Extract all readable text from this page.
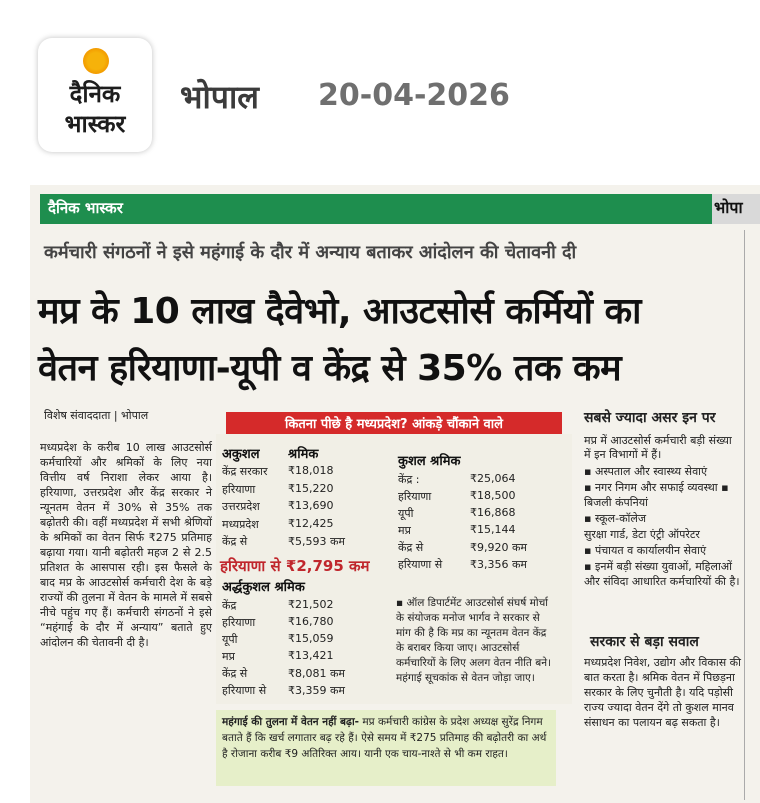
दैनिक
भास्कर
भोपाल 20-04-2026
दैनिक भास्कर	भोपा
कर्मचारी संगठनों ने इसे महंगाई के दौर में अन्याय बताकर आंदोलन की चेतावनी दी
मप्र के 10 लाख दैवेभो, आउटसोर्स कर्मियों का
वेतन हरियाणा-यूपी व केंद्र से 35% तक कम
विशेष संवाददाता | भोपाल
मध्यप्रदेश के करीब 10 लाख आउटसोर्स कर्मचारियों और श्रमिकों के लिए नया वित्तीय वर्ष निराशा लेकर आया है। हरियाणा, उत्तरप्रदेश और केंद्र सरकार ने न्यूनतम वेतन में 30% से 35% तक बढ़ोतरी की। वहीं मध्यप्रदेश में सभी श्रेणियों के श्रमिकों का वेतन सिर्फ ₹275 प्रतिमाह बढ़ाया गया। यानी बढ़ोतरी महज 2 से 2.5 प्रतिशत के आसपास रही। इस फैसले के बाद मप्र के आउटसोर्स कर्मचारी देश के बड़े राज्यों की तुलना में वेतन के मामले में सबसे नीचे पहुंच गए हैं। कर्मचारी संगठनों ने इसे “महंगाई के दौर में अन्याय” बताते हुए आंदोलन की चेतावनी दी है।
कितना पीछे है मध्यप्रदेश? आंकड़े चौंकाने वाले
अकुशल श्रमिक
केंद्र सरकार ₹18,018
हरियाणा	₹15,220
उत्तरप्रदेश	₹13,690
मध्यप्रदेश	₹12,425
केंद्र से	₹5,593 कम
हरियाणा से ₹2,795 कम
अर्द्धकुशल श्रमिक
केंद्र	₹21,502
हरियाणा	₹16,780
यूपी	₹15,059
मप्र	₹13,421
केंद्र से	₹8,081 कम
हरियाणा से ₹3,359 कम
कुशल श्रमिक
केंद्र :	₹25,064
हरियाणा	₹18,500
यूपी	₹16,868
मप्र	₹15,144
केंद्र से	₹9,920 कम
हरियाणा से	₹3,356 कम
▪ ऑल डिपार्टमेंट आउटसोर्स संघर्ष मोर्चा के संयोजक मनोज भार्गव ने सरकार से मांग की है कि मप्र का न्यूनतम वेतन केंद्र के बराबर किया जाए। आउटसोर्स कर्मचारियों के लिए अलग वेतन नीति बने। महंगाई सूचकांक से वेतन जोड़ा जाए।
महंगाई की तुलना में वेतन नहीं बढ़ा- मप्र कर्मचारी कांग्रेस के प्रदेश अध्यक्ष सुरेंद्र निगम बताते हैं कि खर्च लगातार बढ़ रहे हैं। ऐसे समय में ₹275 प्रतिमाह की बढ़ोतरी का अर्थ है रोजाना करीब ₹9 अतिरिक्त आय। यानी एक चाय-नाश्ते से भी कम राहत।
सबसे ज्यादा असर इन पर
मप्र में आउटसोर्स कर्मचारी बड़ी संख्या में इन विभागों में हैं।
▪ अस्पताल और स्वास्थ्य सेवाएं
▪ नगर निगम और सफाई व्यवस्था ▪ बिजली कंपनियां
▪ स्कूल-कॉलेज
सुरक्षा गार्ड, डेटा एंट्री ऑपरेटर
▪ पंचायत व कार्यालयीन सेवाएं
▪ इनमें बड़ी संख्या युवाओं, महिलाओं और संविदा आधारित कर्मचारियों की है।
सरकार से बड़ा सवाल
मध्यप्रदेश निवेश, उद्योग और विकास की बात करता है। श्रमिक वेतन में पिछड़ना सरकार के लिए चुनौती है। यदि पड़ोसी राज्य ज्यादा वेतन देंगे तो कुशल मानव संसाधन का पलायन बढ़ सकता है।
